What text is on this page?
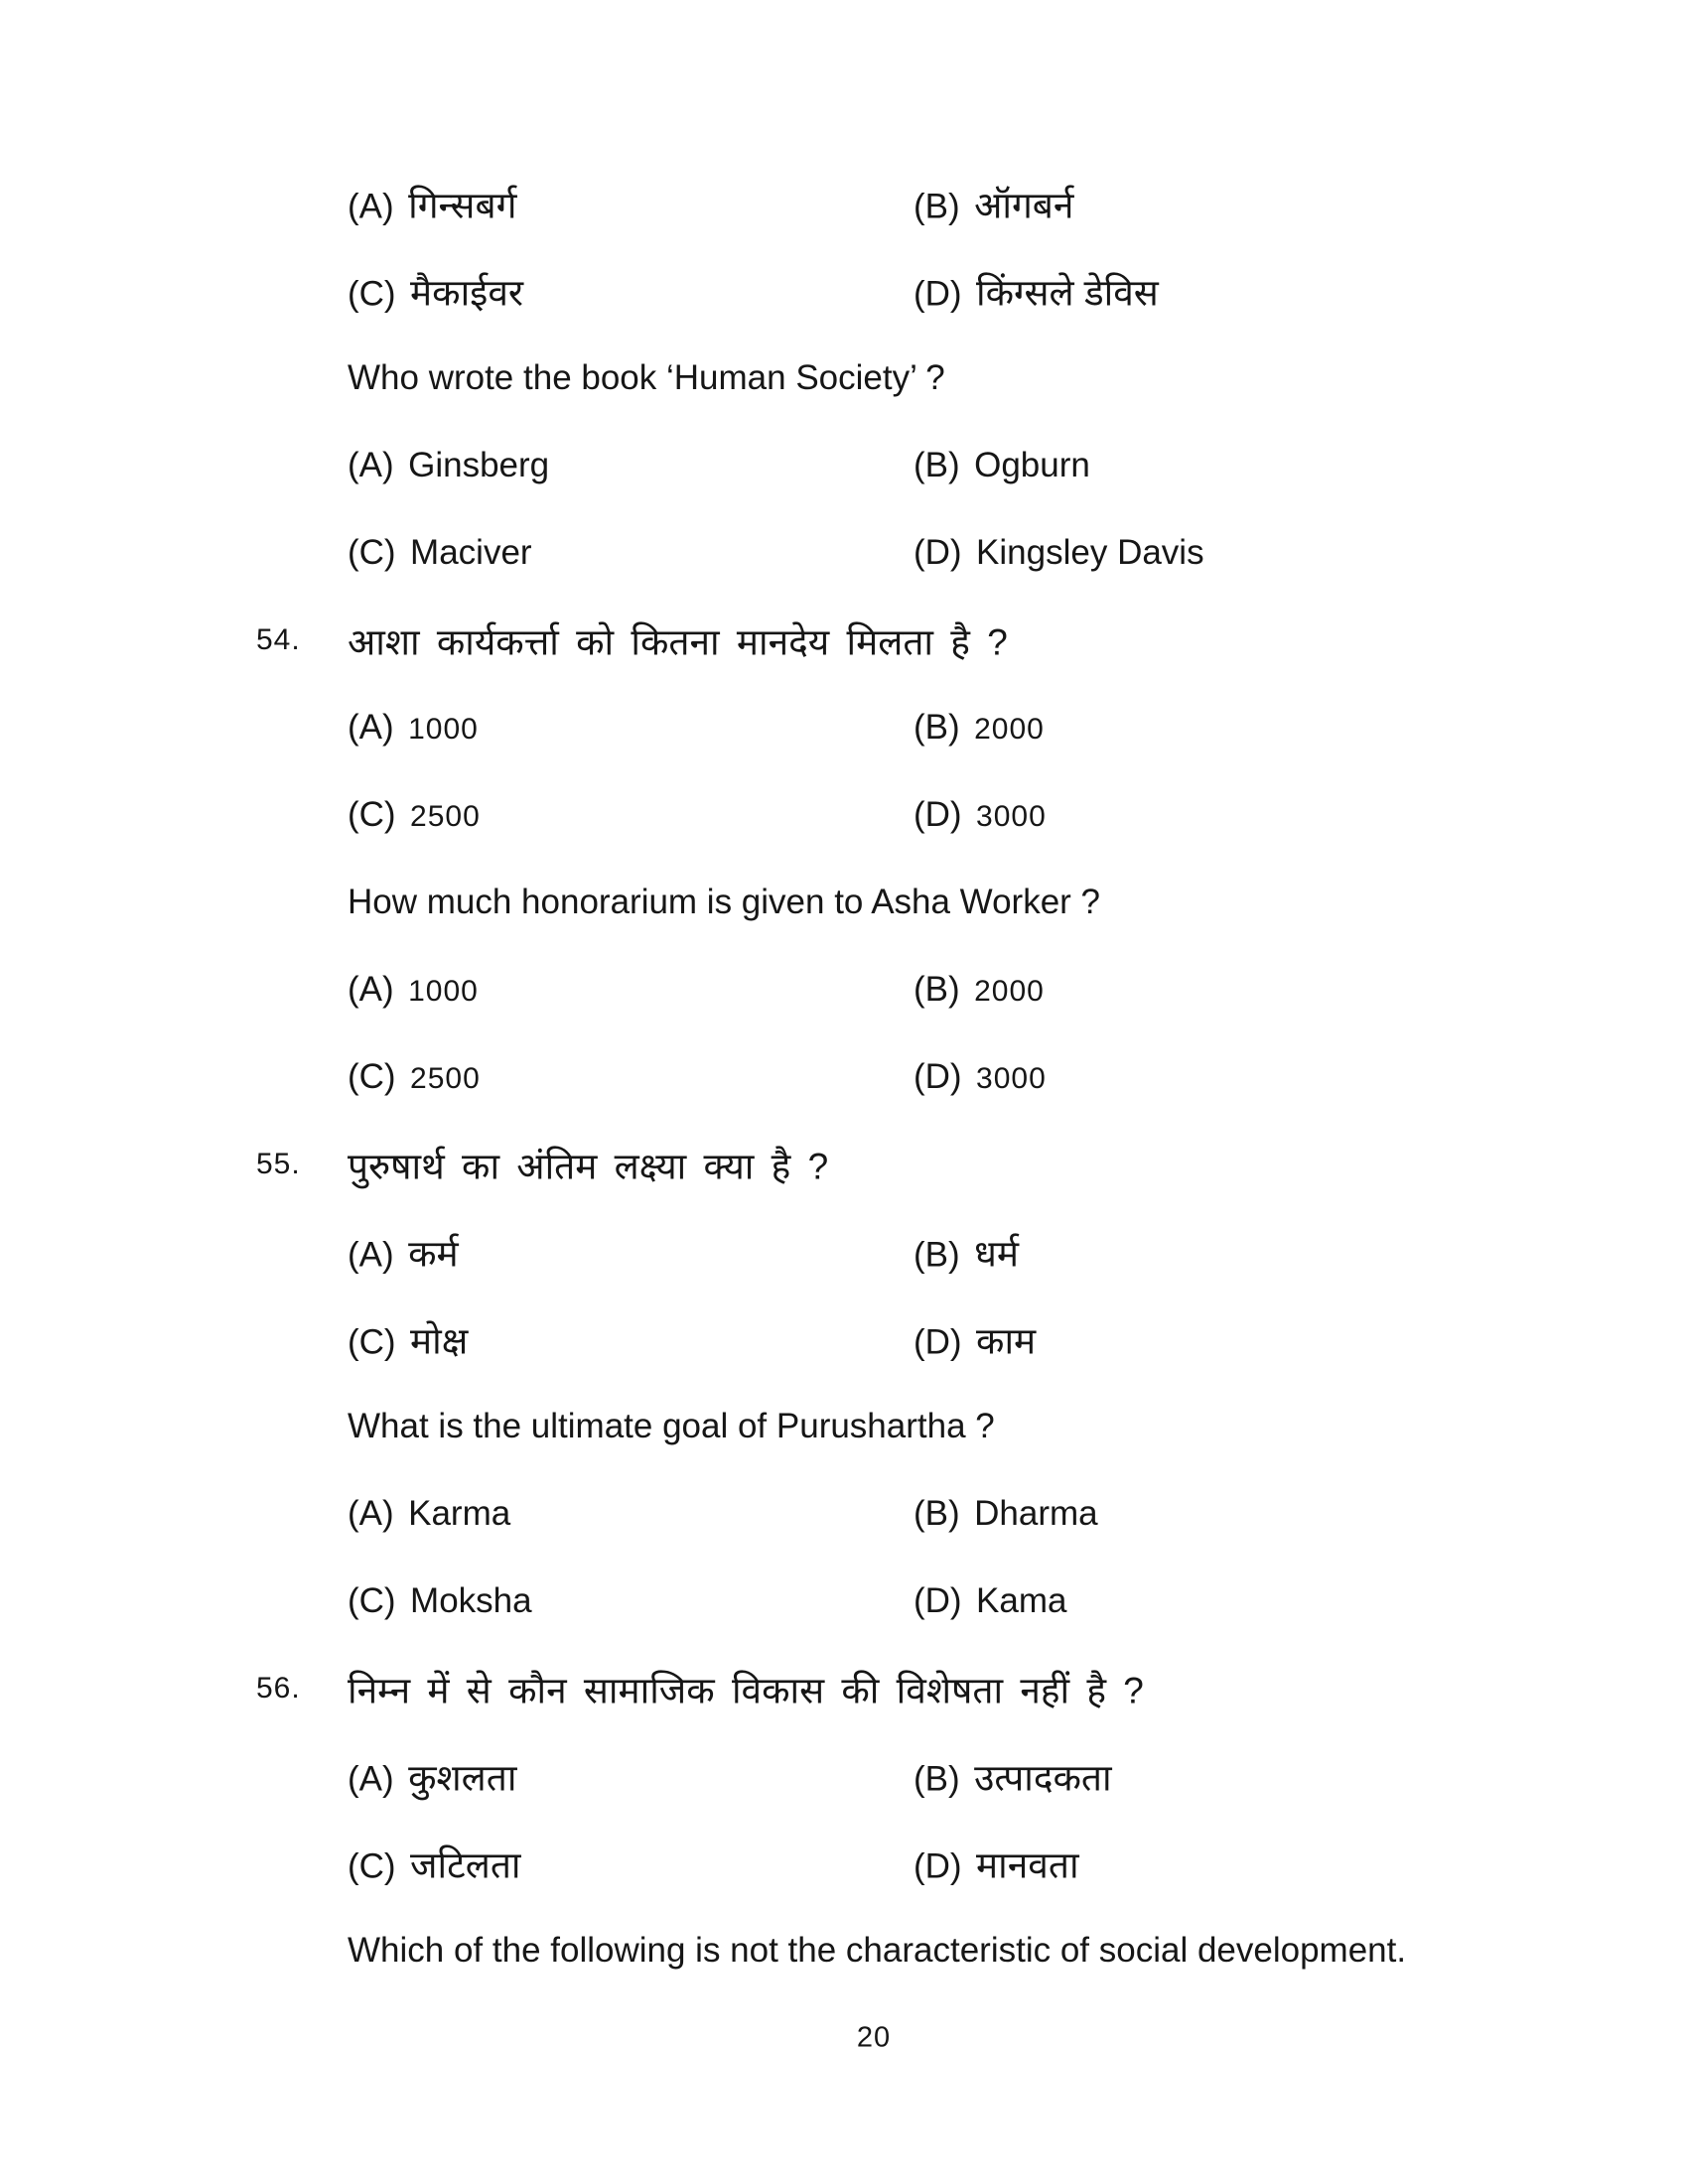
(A) गिन्सबर्ग	(B) ऑगबर्न
(C) मैकाईवर	(D) किंग्सले डेविस
Who wrote the book ‘Human Society’ ?
(A) Ginsberg	(B) Ogburn
(C) Maciver	(D) Kingsley Davis
54. आशा कार्यकर्त्ता को कितना मानदेय मिलता है ?
(A) 1000	(B) 2000
(C) 2500	(D) 3000
How much honorarium is given to Asha Worker ?
(A) 1000	(B) 2000
(C) 2500	(D) 3000
55. पुरुषार्थ का अंतिम लक्ष्या क्या है ?
(A) कर्म	(B) धर्म
(C) मोक्ष	(D) काम
What is the ultimate goal of Purushartha ?
(A) Karma	(B) Dharma
(C) Moksha	(D) Kama
56. निम्न में से कौन सामाजिक विकास की विशेषता नहीं है ?
(A) कुशलता	(B) उत्पादकता
(C) जटिलता	(D) मानवता
Which of the following is not the characteristic of social development.
20
